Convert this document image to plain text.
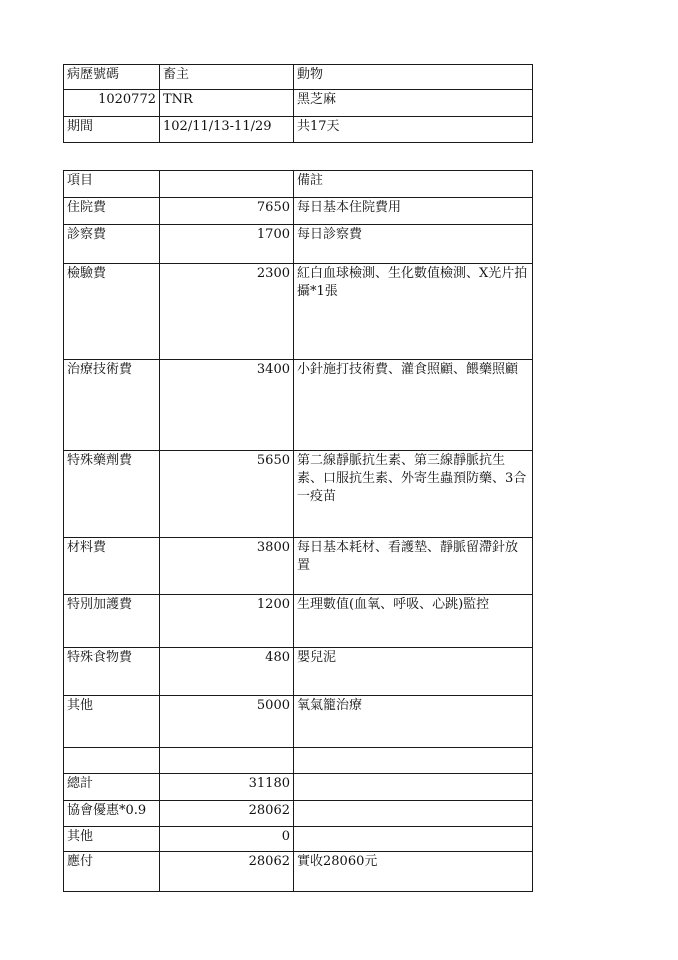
病歷號碼	畜主	動物
1020772	TNR	黑芝麻
期間	102/11/13-11/29	共17天
項目		備註
住院費	7650	每日基本住院費用
診察費	1700	每日診察費
檢驗費	2300	紅白血球檢測、生化數值檢測、X光片拍攝*1張
治療技術費	3400	小針施打技術費、灌食照顧、餵藥照顧
特殊藥劑費	5650	第二線靜脈抗生素、第三線靜脈抗生素、口服抗生素、外寄生蟲預防藥、3合一疫苗
材料費	3800	每日基本耗材、看護墊、靜脈留滯針放置
特別加護費	1200	生理數值(血氧、呼吸、心跳)監控
特殊食物費	480	嬰兒泥
其他	5000	氧氣籠治療

總計	31180	
協會優惠*0.9	28062	
其他	0	
應付	28062	實收28060元
